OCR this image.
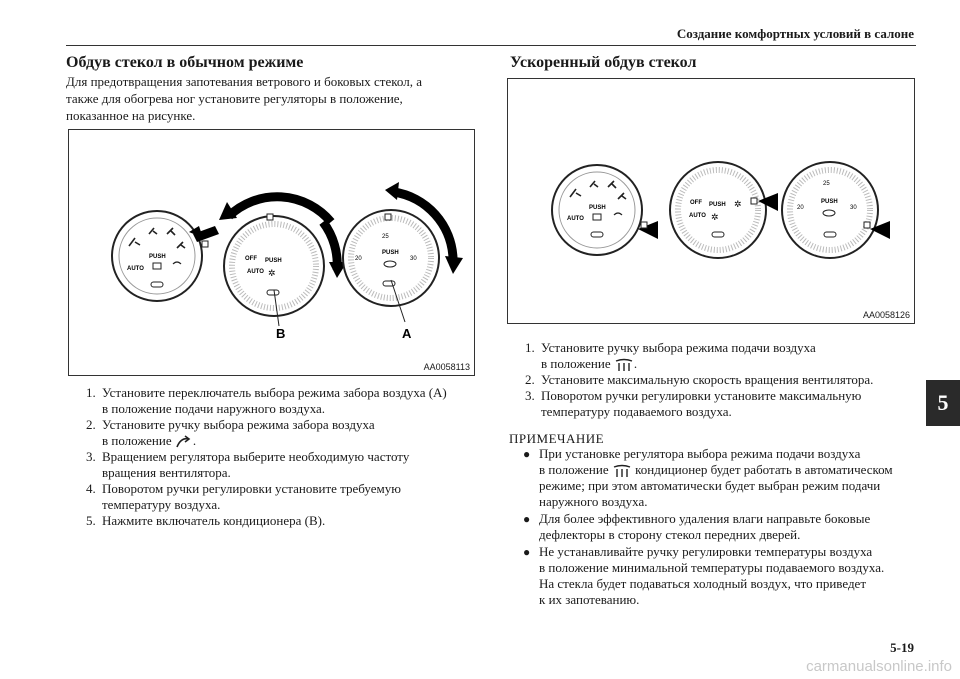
Создание комфортных условий в салоне
5
5-19
Обдув стекол в обычном режиме
Для предотвращения запотевания ветрового и боковых стекол, а
также для обогрева ног установите регуляторы в положение,
показанное на рисунке.
PUSH
AUTO
OFF PUSH
AUTO ✲
25
20	30
PUSH
B	A
AA0058113
1. Установите переключатель выбора режима забора воздуха (A)
в положение подачи наружного воздуха.
2. Установите ручку выбора режима забора воздуха
в положение .
3. Вращением регулятора выберите необходимую частоту
вращения вентилятора.
4. Поворотом ручки регулировки установите требуемую
температуру воздуха.
5. Нажмите включатель кондиционера (B).
Ускоренный обдув стекол
PUSH
AUTO
OFF PUSH
AUTO ✲
✲
25
20	30
PUSH
AA0058126
1. Установите ручку выбора режима подачи воздуха
в положение .
2. Установите максимальную скорость вращения вентилятора.
3. Поворотом ручки регулировки установите максимальную
температуру подаваемого воздуха.
ПРИМЕЧАНИЕ
● При установке регулятора выбора режима подачи воздуха
в положение кондиционер будет работать в автоматическом
режиме; при этом автоматически будет выбран режим подачи
наружного воздуха.
● Для более эффективного удаления влаги направьте боковые
дефлекторы в сторону стекол передних дверей.
● Не устанавливайте ручку регулировки температуры воздуха
в положение минимальной температуры подаваемого воздуха.
На стекла будет подаваться холодный воздух, что приведет
к их запотеванию.
carmanualsonline.info
